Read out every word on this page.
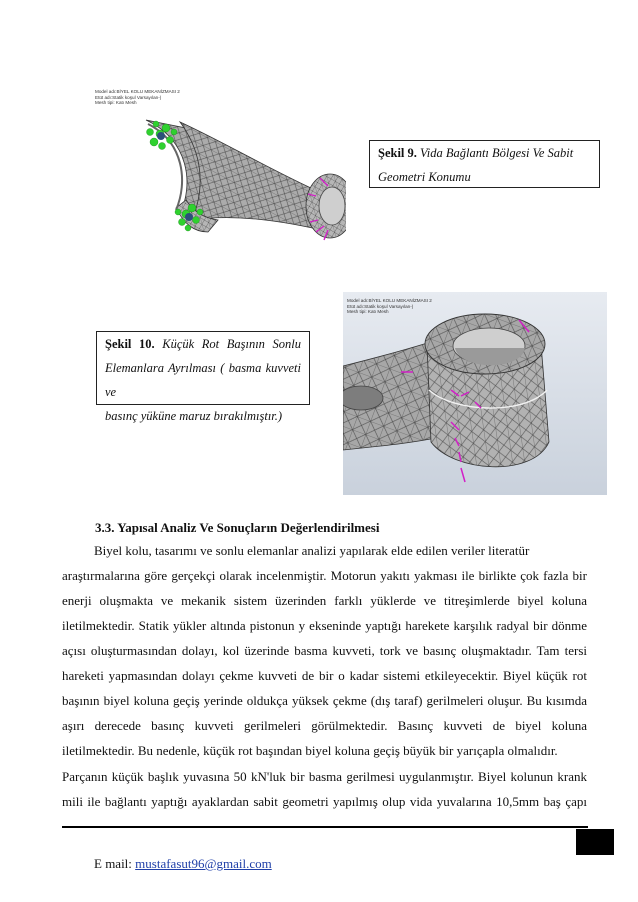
Model adı:BİYEL KOLU MEKANİZMASI 2
Etüt adı:Statik koşul Varsayılan-)
Mesh tipi: Katı Mesh
Şekil 9. Vida Bağlantı Bölgesi Ve Sabit
Geometri Konumu
Model adı:BİYEL KOLU MEKANİZMASI 2
Etüt adı:Statik koşul Varsayılan-)
Mesh tipi: Katı Mesh
Şekil 10. Küçük Rot Başının Sonlu
Elemanlara Ayrılması ( basma kuvveti ve
basınç yüküne maruz bırakılmıştır.)
3.3. Yapısal Analiz Ve Sonuçların Değerlendirilmesi
Biyel kolu, tasarımı ve sonlu elemanlar analizi yapılarak elde edilen veriler literatür
araştırmalarına göre gerçekçi olarak incelenmiştir. Motorun yakıtı yakması ile birlikte çok fazla bir
enerji oluşmakta ve mekanik sistem üzerinden farklı yüklerde ve titreşimlerde biyel koluna
iletilmektedir. Statik yükler altında pistonun y ekseninde yaptığı harekete karşılık radyal bir dönme
açısı oluşturmasından dolayı, kol üzerinde basma kuvveti, tork ve basınç oluşmaktadır. Tam tersi
hareketi yapmasından dolayı çekme kuvveti de bir o kadar sistemi etkileyecektir. Biyel küçük rot
başının biyel koluna geçiş yerinde oldukça yüksek çekme (dış taraf) gerilmeleri oluşur. Bu kısımda
aşırı derecede basınç kuvveti gerilmeleri görülmektedir. Basınç kuvveti de biyel koluna
iletilmektedir. Bu nedenle, küçük rot başından biyel koluna geçiş büyük bir yarıçapla olmalıdır.
Parçanın küçük başlık yuvasına 50 kN'luk bir basma gerilmesi uygulanmıştır. Biyel kolunun krank
mili ile bağlantı yaptığı ayaklardan sabit geometri yapılmış olup vida yuvalarına 10,5mm baş çapı
E mail: mustafasut96@gmail.com
